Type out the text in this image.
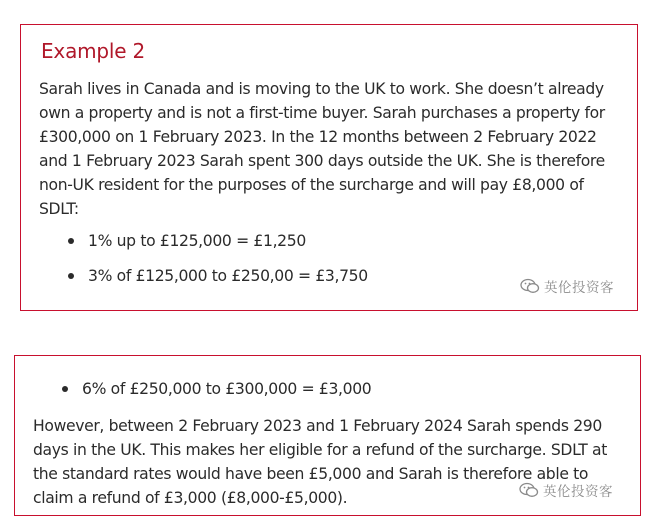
Example 2

Sarah lives in Canada and is moving to the UK to work. She doesn’t already
own a property and is not a first-time buyer. Sarah purchases a property for
£300,000 on 1 February 2023. In the 12 months between 2 February 2022
and 1 February 2023 Sarah spent 300 days outside the UK. She is therefore
non-UK resident for the purposes of the surcharge and will pay £8,000 of
SDLT:

1% up to £125,000 = £1,250
3% of £125,000 to £250,00 = £3,750
英伦投资客
6% of £250,000 to £300,000 = £3,000

However, between 2 February 2023 and 1 February 2024 Sarah spends 290
days in the UK. This makes her eligible for a refund of the surcharge. SDLT at
the standard rates would have been £5,000 and Sarah is therefore able to
claim a refund of £3,000 (£8,000-£5,000).	英伦投资客
